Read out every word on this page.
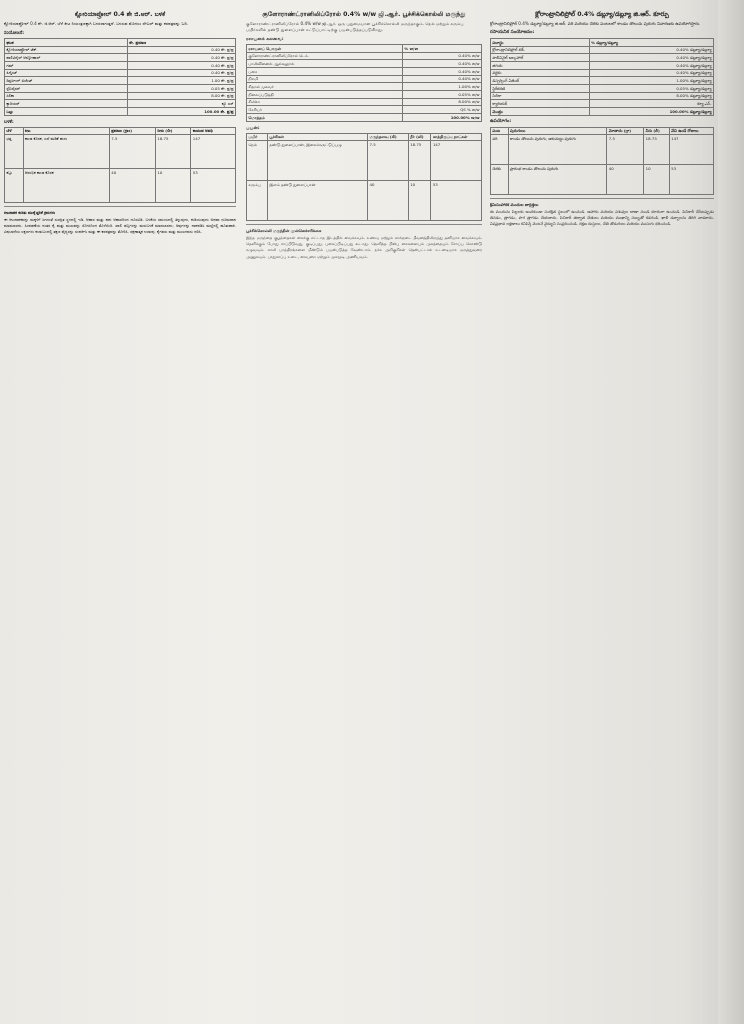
ಕ್ಲೋರಿಯಾಪ್ರೋಲ್ 0.4 ಶೇ ಜಿ.ಆರ್. ಬಳಕೆ

ಕ್ಲೋರಿಯಾಪ್ರೋಲ್ 0.4 ಶೇ. ಜಿ.ಆರ್. ಬೆಳೆ ಕೀಟ ನಿಯಂತ್ರಣಕ್ಕಾಗಿ ಬಳಸಲಾಗುತ್ತದೆ. ಬಳಸುವ ಮೊದಲು ಲೇಬಲ್ ಮತ್ತು ಕರಪತ್ರವನ್ನು ಓದಿ.

ಸಂಯೋಜನೆ:
ಘಟಕ	ಶೇ. ಪ್ರಮಾಣ
ಕ್ಲೋರಿಯಾಪ್ರೋಲ್ ಟೆಕ್.	0.40 ಶೇ. ಪ್ರ/ಪ್ರ
ಪಾಲಿವಿನೈಲ್ ಆಲ್ಕೋಹಾಲ್	0.40 ಶೇ. ಪ್ರ/ಪ್ರ
ಗಮ್	0.40 ಶೇ. ಪ್ರ/ಪ್ರ
ಪಿಗ್ಮೆಂಟ್	0.40 ಶೇ. ಪ್ರ/ಪ್ರ
ಡಿಸ್ಪರ್ಸಿಂಗ್ ಏಜೆಂಟ್	1.00 ಶೇ. ಪ್ರ/ಪ್ರ
ಸ್ಟೆಬಿಲೈಸರ್	0.05 ಶೇ. ಪ್ರ/ಪ್ರ
ಸಿಲಿಕಾ	8.00 ಶೇ. ಪ್ರ/ಪ್ರ
ಕ್ಯಾರಿಯರ್	ಕ್ಯೂ ಎಸ್
ಒಟ್ಟು	100.00 ಶೇ. ಪ್ರ/ಪ್ರ
ಬಳಕೆ:
ಬೆಳೆ	ಕೀಟ	ಪ್ರಮಾಣ (ಗ್ರಾಂ)	ನೀರು (ಲೀ)	ಕಾಯುವ ಅವಧಿ
ಭತ್ತ	ಕಾಂಡ ಕೊರಕ, ಎಲೆ ಮಡಿಕೆ ಹುಳು	7.5	18.75	147
ಕಬ್ಬು	ಆರಂಭಿಕ ಕಾಂಡ ಕೊರಕ	40	10	53
ಕೀಟನಾಶಕ ಕುರಿತು ಮುನ್ನೆಚ್ಚರಿಕೆ ಕ್ರಮಗಳು

ಈ ಕೀಟನಾಶಕವನ್ನು ಮಕ್ಕಳಿಗೆ ಸಿಗದಂತೆ ಸುರಕ್ಷಿತ ಸ್ಥಳದಲ್ಲಿ ಇಡಿ. ಆಹಾರ ಮತ್ತು ಪಶು ಆಹಾರದಿಂದ ದೂರವಿಡಿ. ಬಳಕೆಯ ಸಮಯದಲ್ಲಿ ತಿನ್ನುವುದು, ಕುಡಿಯುವುದು ಅಥವಾ ಧೂಮಪಾನ ಮಾಡಬಾರದು. ಸಿಂಪಡಣೆಯ ನಂತರ ಕೈ ಮತ್ತು ಮುಖವನ್ನು ಸೋಪಿನಿಂದ ತೊಳೆಯಿರಿ. ಖಾಲಿ ಡಬ್ಬಿಗಳನ್ನು ಮರುಬಳಕೆ ಮಾಡಬಾರದು; ಅವುಗಳನ್ನು ನಾಶಪಡಿಸಿ ಮಣ್ಣಿನಲ್ಲಿ ಹೂತುಹಾಕಿ. ವಿಷಬಾಧೆಯ ಲಕ್ಷಣಗಳು ಕಂಡುಬಂದಲ್ಲಿ ತಕ್ಷಣ ವೈದ್ಯರನ್ನು ಸಂಪರ್ಕಿಸಿ ಮತ್ತು ಈ ಕರಪತ್ರವನ್ನು ತೋರಿಸಿ. ರಕ್ಷಣಾತ್ಮಕ ಉಡುಪು, ಕೈಗವಸು ಮತ್ತು ಮುಖಗವಸು ಧರಿಸಿ.

குளோராண்ட்ரானிலிப்ரோல் 0.4% w/w ஜி.ஆர். பூச்சிக்கொல்லி மருந்து

குளோராண்ட்ரானிலிப்ரோல் 0.4% w/w ஜி.ஆர். ஒரு புதுமையான பூச்சிக்கொல்லி மருந்தாகும். நெல் மற்றும் கரும்பு பயிர்களில் தண்டு துளைப்பான் கட்டுப்பாட்டிற்கு பயன்படுத்தப்படுகிறது.

ரசாயனக் கலவை:
ரசாயனப் பொருள்	% w/w
குளோராண்ட்ரானிலிப்ரோல் டெக்.	0.40% w/w
பாலிவினைல் ஆல்கஹால்	0.40% w/w
பசை	0.40% w/w
நிறமி	0.40% w/w
சிதறல் முகவர்	1.00% w/w
நிலைப்படுத்தி	0.05% w/w
சிலிகா	8.00% w/w
கேரியர்	QS % w/w
மொத்தம்	100.00% w/w
பயன்:
பயிர்	பூச்சிகள்	மருந்தளவு (கி)	நீர் (லி)	காத்திருப்பு நாட்கள்
நெல்	தண்டு துளைப்பான், இலைச்சுருட்டுப்புழு	7.5	18.75	147
கரும்பு	இளம் தண்டு துளைப்பான்	40	10	53
பூச்சிக்கொல்லி மருந்தின் முன்னெச்சரிக்கை

இந்த மருந்தை குழந்தைகள் கைக்கு எட்டாத இடத்தில் வைக்கவும். உணவு மற்றும் கால்நடை தீவனத்திலிருந்து தனியாக வைக்கவும். தெளிக்கும் போது சாப்பிடுவது, குடிப்பது, புகைப்பிடிப்பது கூடாது. தெளித்த பின்பு கைகளையும் முகத்தையும் சோப்பு கொண்டு கழுவவும். காலி பாத்திரங்களை மீண்டும் பயன்படுத்த வேண்டாம். நச்சு அறிகுறிகள் தென்பட்டால் உடனடியாக மருத்துவரை அணுகவும். பாதுகாப்பு உடை, கையுறை மற்றும் முகமூடி அணியவும்.

క్లోరాంట్రానిలిప్రోల్ 0.4% డబ్ల్యూ/డబ్ల్యూ జి.ఆర్. కూర్పు

క్లోరాంట్రానిలిప్రోల్ 0.4% డబ్ల్యూ/డబ్ల్యూ జి.ఆర్. వరి మరియు చెరకు పంటలలో కాండం తొలుచు పురుగు నివారణకు ఉపయోగిస్తారు.

రసాయనిక సంయోజనం:
పదార్థం	% డబ్ల్యూ/డబ్ల్యూ
క్లోరాంట్రానిలిప్రోల్ టెక్.	0.40% డబ్ల్యూ/డబ్ల్యూ
పాలీవినైల్ ఆల్కహాల్	0.40% డబ్ల్యూ/డబ్ల్యూ
జిగురు	0.40% డబ్ల్యూ/డబ్ల్యూ
వర్ణకం	0.40% డబ్ల్యూ/డబ్ల్యూ
డిస్పర్సింగ్ ఏజెంట్	1.00% డబ్ల్యూ/డబ్ల్యూ
స్థిరీకరణి	0.05% డబ్ల్యూ/డబ్ల్యూ
సిలికా	8.00% డబ్ల్యూ/డబ్ల్యూ
క్యారియర్	క్యూ.ఎస్.
మొత్తం	100.00% డబ్ల్యూ/డబ్ల్యూ
ఉపయోగం:
పంట	పురుగులు	మోతాదు (గ్రా)	నీరు (లీ)	వేచి ఉండే రోజులు
వరి	కాండం తొలుచు పురుగు, ఆకుచుట్టు పురుగు	7.5	18.75	147
చెరకు	ప్రారంభ కాండం తొలుచు పురుగు	40	10	53
క్రిమిసంహారక మందుల జాగ్రత్తలు

ఈ మందును పిల్లలకు అందకుండా సురక్షిత స్థలంలో ఉంచండి. ఆహారం మరియు పశువుల దాణా నుండి దూరంగా ఉంచండి. పిచికారీ చేసేటప్పుడు తినడం, త్రాగడం, పొగ త్రాగడం చేయరాదు. పిచికారీ తర్వాత చేతులు మరియు ముఖాన్ని సబ్బుతో కడగండి. ఖాళీ డబ్బాలను తిరిగి వాడరాదు. విషప్రభావ లక్షణాలు కనిపిస్తే వెంటనే వైద్యుని సంప్రదించండి. రక్షణ దుస్తులు, చేతి తొడుగులు మరియు ముసుగు ధరించండి.
